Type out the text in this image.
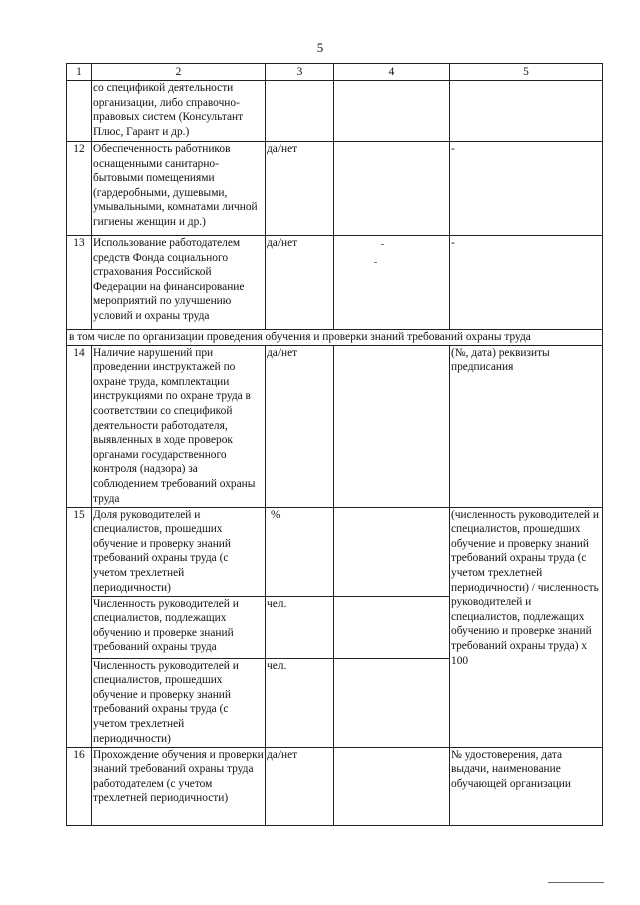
5
1	2	3	4	5
	со спецификой деятельности организации, либо справочно-правовых систем (Консультант Плюс, Гарант и др.)			
12	Обеспеченность работников оснащенными санитарно-бытовыми помещениями (гардеробными, душевыми, умывальными, комнатами личной гигиены женщин и др.)	да/нет		-
13	Использование работодателем средств Фонда социального страхования Российской Федерации на финансирование мероприятий по улучшению условий и охраны труда	да/нет		-
в том числе по организации проведения обучения и проверки знаний требований охраны труда				
14	Наличие нарушений при проведении инструктажей по охране труда, комплектации инструкциями по охране труда в соответствии со спецификой деятельности работодателя, выявленных в ходе проверок органами государственного контроля (надзора) за соблюдением требований охраны труда	да/нет		(№, дата) реквизиты предписания
15	Доля руководителей и специалистов, прошедших обучение и проверку знаний требований охраны труда (с учетом трехлетней периодичности)	%		(численность руководителей и специалистов, прошедших обучение и проверку знаний требований охраны труда (с учетом трехлетней периодичности) / численность руководителей и специалистов, подлежащих обучению и проверке знаний требований охраны труда) х 100
	Численность руководителей и специалистов, подлежащих обучению и проверке знаний требований охраны труда	чел.		
	Численность руководителей и специалистов, прошедших обучение и проверку знаний требований охраны труда (с учетом трехлетней периодичности)	чел.		
16	Прохождение обучения и проверки знаний требований охраны труда работодателем (с учетом трехлетней периодичности)	да/нет		№ удостоверения, дата выдачи, наименование обучающей организации
